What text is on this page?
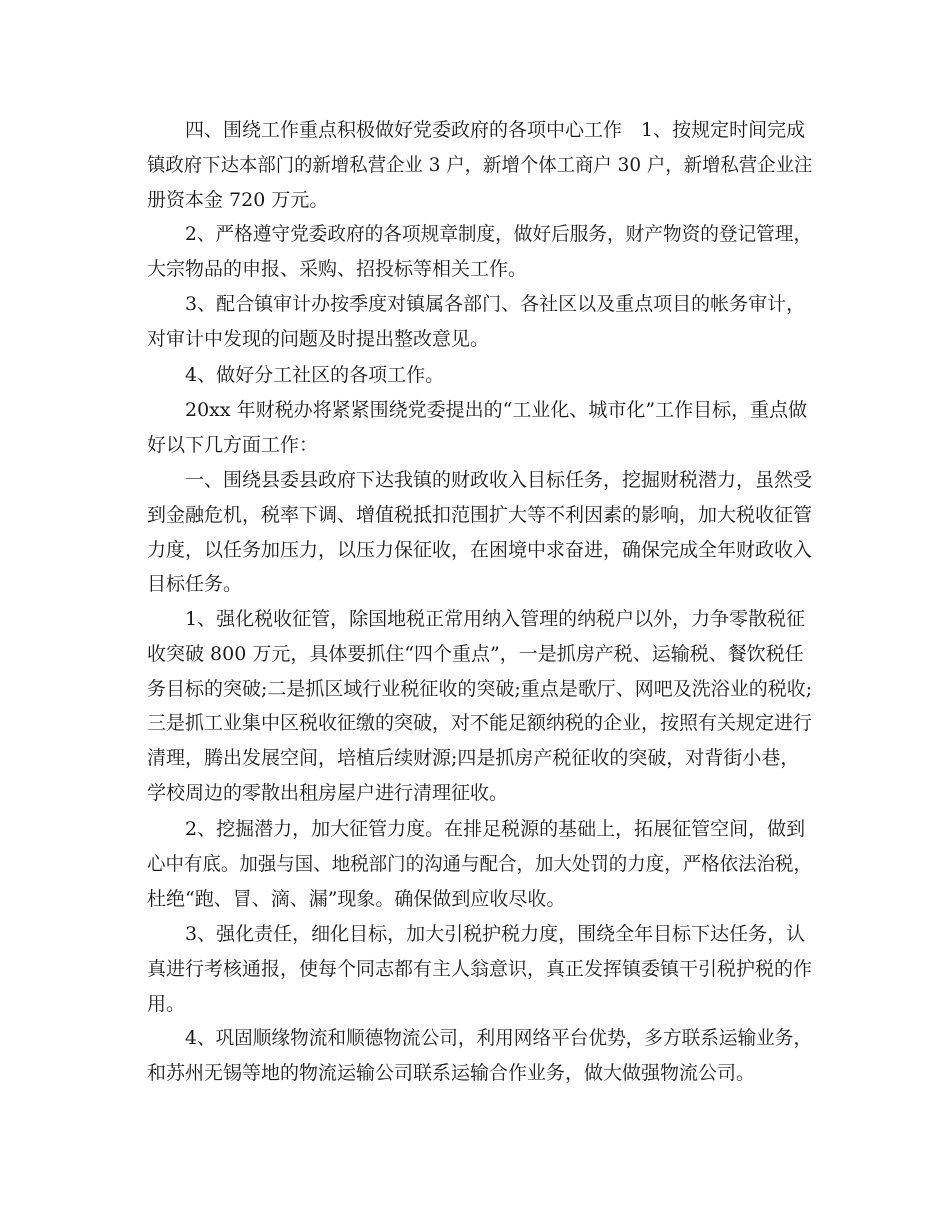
四、围绕工作重点积极做好党委政府的各项中心工作　1、按规定时间完成
镇政府下达本部门的新增私营企业 3 户，新增个体工商户 30 户，新增私营企业注
册资本金 720 万元。
2、严格遵守党委政府的各项规章制度，做好后服务，财产物资的登记管理，
大宗物品的申报、采购、招投标等相关工作。
3、配合镇审计办按季度对镇属各部门、各社区以及重点项目的帐务审计，
对审计中发现的问题及时提出整改意见。
4、做好分工社区的各项工作。
20xx 年财税办将紧紧围绕党委提出的“工业化、城市化”工作目标，重点做
好以下几方面工作：
一、围绕县委县政府下达我镇的财政收入目标任务，挖掘财税潜力，虽然受
到金融危机，税率下调、增值税抵扣范围扩大等不利因素的影响，加大税收征管
力度，以任务加压力，以压力保征收，在困境中求奋进，确保完成全年财政收入
目标任务。
1、强化税收征管，除国地税正常用纳入管理的纳税户以外，力争零散税征
收突破 800 万元，具体要抓住“四个重点”，一是抓房产税、运输税、餐饮税任
务目标的突破;二是抓区域行业税征收的突破;重点是歌厅、网吧及洗浴业的税收;
三是抓工业集中区税收征缴的突破，对不能足额纳税的企业，按照有关规定进行
清理，腾出发展空间，培植后续财源;四是抓房产税征收的突破，对背街小巷，
学校周边的零散出租房屋户进行清理征收。
2、挖掘潜力，加大征管力度。在排足税源的基础上，拓展征管空间，做到
心中有底。加强与国、地税部门的沟通与配合，加大处罚的力度，严格依法治税，
杜绝“跑、冒、滴、漏”现象。确保做到应收尽收。
3、强化责任，细化目标，加大引税护税力度，围绕全年目标下达任务，认
真进行考核通报，使每个同志都有主人翁意识，真正发挥镇委镇干引税护税的作
用。
4、巩固顺缘物流和顺德物流公司，利用网络平台优势，多方联系运输业务，
和苏州无锡等地的物流运输公司联系运输合作业务，做大做强物流公司。
